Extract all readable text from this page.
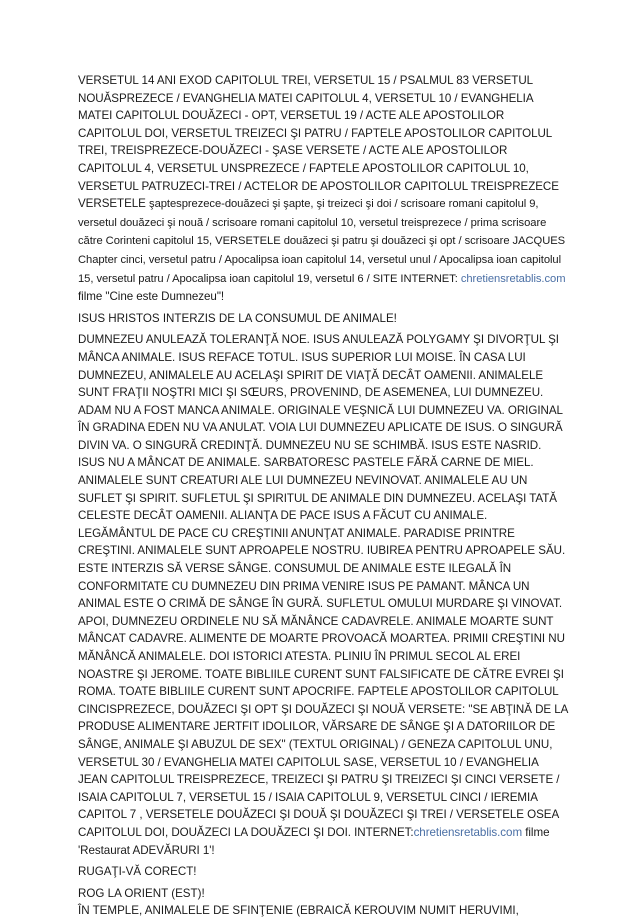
VERSETUL 14 ANI EXOD CAPITOLUL TREI, VERSETUL 15 / PSALMUL 83 VERSETUL NOUĂSPREZECE / EVANGHELIA MATEI CAPITOLUL 4, VERSETUL 10 / EVANGHELIA MATEI CAPITOLUL DOUĂZECI - OPT, VERSETUL 19 / ACTE ALE APOSTOLILOR CAPITOLUL DOI, VERSETUL TREIZECI ŞI PATRU / FAPTELE APOSTOLILOR CAPITOLUL TREI, TREISPREZECE-DOUĂZECI - ŞASE VERSETE / ACTE ALE APOSTOLILOR CAPITOLUL 4, VERSETUL UNSPREZECE / FAPTELE APOSTOLILOR CAPITOLUL 10, VERSETUL PATRUZECI-TREI / ACTELOR DE APOSTOLILOR CAPITOLUL TREISPREZECE VERSETELE şaptesprezece-douăzeci şi şapte, şi treizeci şi doi / scrisoare romani capitolul 9, versetul douăzeci şi nouă / scrisoare romani capitolul 10, versetul treisprezece / prima scrisoare către Corinteni capitolul 15, VERSETELE douăzeci şi patru şi douăzeci şi opt / scrisoare JACQUES Chapter cinci, versetul patru / Apocalipsa ioan capitolul 14, versetul unul / Apocalipsa ioan capitolul 15, versetul patru / Apocalipsa ioan capitolul 19, versetul 6 / SITE INTERNET: chretiensretablis.com filme "Cine este Dumnezeu"!

ISUS HRISTOS INTERZIS DE LA CONSUMUL DE ANIMALE!

DUMNEZEU ANULEAZĂ TOLERANŢĂ NOE. ISUS ANULEAZĂ POLYGAMY ŞI DIVORŢUL ŞI MÂNCA ANIMALE. ISUS REFACE TOTUL. ISUS SUPERIOR LUI MOISE. ÎN CASA LUI DUMNEZEU, ANIMALELE AU ACELAŞI SPIRIT DE VIAŢĂ DECÂT OAMENII. ANIMALELE SUNT FRAŢII NOŞTRI MICI ŞI SŒURS, PROVENIND, DE ASEMENEA, LUI DUMNEZEU. ADAM NU A FOST MANCA ANIMALE. ORIGINALE VEŞNICĂ LUI DUMNEZEU VA. ORIGINAL ÎN GRADINA EDEN NU VA ANULAT. VOIA LUI DUMNEZEU APLICATE DE ISUS. O SINGURĂ DIVIN VA. O SINGURĂ CREDINŢĂ. DUMNEZEU NU SE SCHIMBĂ. ISUS ESTE NASRID. ISUS NU A MÂNCAT DE ANIMALE. SARBATORESC PASTELE FĂRĂ CARNE DE MIEL. ANIMALELE SUNT CREATURI ALE LUI DUMNEZEU NEVINOVAT. ANIMALELE AU UN SUFLET ŞI SPIRIT. SUFLETUL ŞI SPIRITUL DE ANIMALE DIN DUMNEZEU. ACELAŞI TATĂ CELESTE DECÂT OAMENII. ALIANŢA DE PACE ISUS A FĂCUT CU ANIMALE. LEGĂMÂNTUL DE PACE CU CREŞTINII ANUNŢAT ANIMALE. PARADISE PRINTRE CREŞTINI. ANIMALELE SUNT APROAPELE NOSTRU. IUBIREA PENTRU APROAPELE SĂU. ESTE INTERZIS SĂ VERSE SÂNGE. CONSUMUL DE ANIMALE ESTE ILEGALĂ ÎN CONFORMITATE CU DUMNEZEU DIN PRIMA VENIRE ISUS PE PAMANT. MÂNCA UN ANIMAL ESTE O CRIMĂ DE SÂNGE ÎN GURĂ. SUFLETUL OMULUI MURDARE ŞI VINOVAT. APOI, DUMNEZEU ORDINELE NU SĂ MĂNÂNCE CADAVRELE. ANIMALE MOARTE SUNT MÂNCAT CADAVRE. ALIMENTE DE MOARTE PROVOACĂ MOARTEA. PRIMII CREŞTINI NU MĂNÂNCĂ ANIMALELE. DOI ISTORICI ATESTA. PLINIU ÎN PRIMUL SECOL AL EREI NOASTRE ŞI JEROME. TOATE BIBLIILE CURENT SUNT FALSIFICATE DE CĂTRE EVREI ŞI ROMA. TOATE BIBLIILE CURENT SUNT APOCRIFE. FAPTELE APOSTOLILOR CAPITOLUL CINCISPREZECE, DOUĂZECI ŞI OPT ŞI DOUĂZECI ŞI NOUĂ VERSETE: "SE ABŢINĂ DE LA PRODUSE ALIMENTARE JERTFIT IDOLILOR, VĂRSARE DE SÂNGE ŞI A DATORIILOR DE SÂNGE, ANIMALE ŞI ABUZUL DE SEX" (TEXTUL ORIGINAL) / GENEZA CAPITOLUL UNU, VERSETUL 30 / EVANGHELIA MATEI CAPITOLUL SASE, VERSETUL 10 / EVANGHELIA JEAN CAPITOLUL TREISPREZECE, TREIZECI ŞI PATRU ŞI TREIZECI ŞI CINCI VERSETE / ISAIA CAPITOLUL 7, VERSETUL 15 / ISAIA CAPITOLUL 9, VERSETUL CINCI / IEREMIA CAPITOL 7 , VERSETELE DOUĂZECI ŞI DOUĂ ŞI DOUĂZECI ŞI TREI / VERSETELE OSEA CAPITOLUL DOI, DOUĂZECI LA DOUĂZECI ŞI DOI. INTERNET:chretiensretablis.com filme 'Restaurat ADEVĂRURI 1'!

RUGAŢI-VĂ CORECT!

ROG LA ORIENT (EST)!

ÎN TEMPLE, ANIMALELE DE SFINŢENIE (EBRAICĂ KEROUVIM NUMIT HERUVIMI,
